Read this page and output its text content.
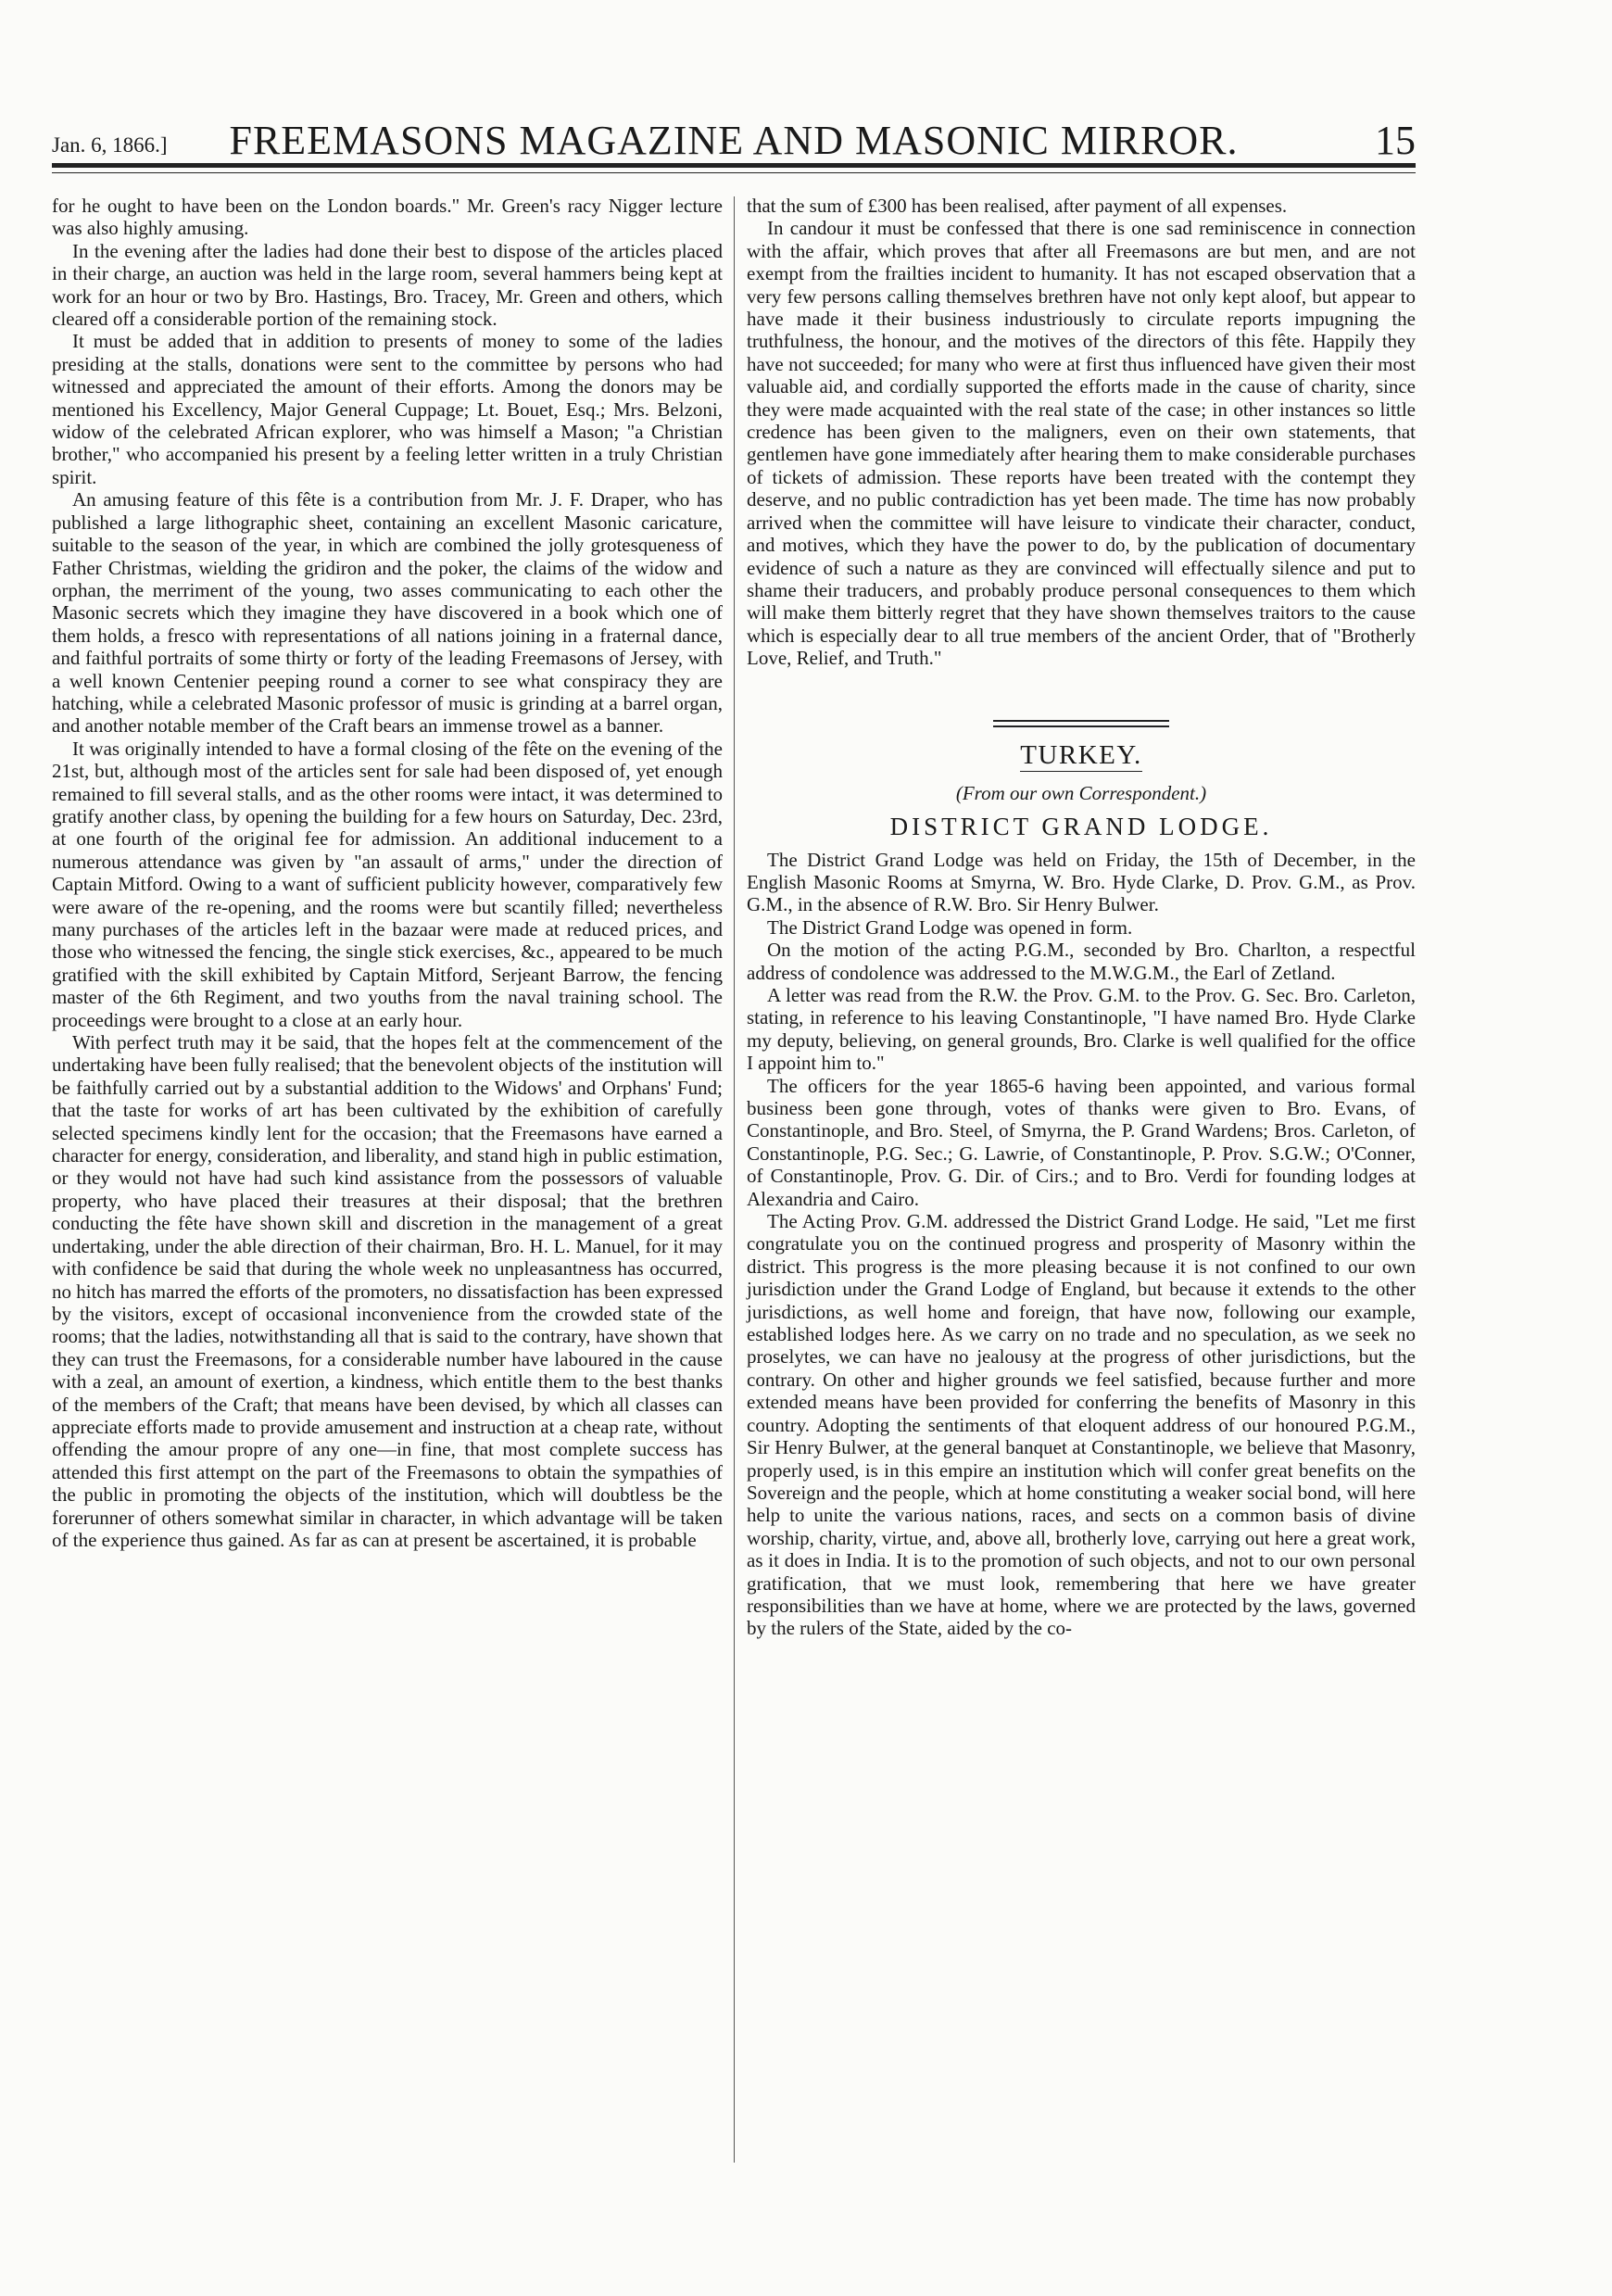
Jan. 6, 1866.]	FREEMASONS MAGAZINE AND MASONIC MIRROR.	15

for he ought to have been on the London boards." Mr. Green's racy Nigger lecture was also highly amusing.

In the evening after the ladies had done their best to dispose of the articles placed in their charge, an auction was held in the large room, several hammers being kept at work for an hour or two by Bro. Hastings, Bro. Tracey, Mr. Green and others, which cleared off a considerable portion of the remaining stock.

It must be added that in addition to presents of money to some of the ladies presiding at the stalls, donations were sent to the committee by persons who had witnessed and appreciated the amount of their efforts. Among the donors may be mentioned his Excellency, Major General Cuppage; Lt. Bouet, Esq.; Mrs. Belzoni, widow of the celebrated African explorer, who was himself a Mason; "a Christian brother," who accompanied his present by a feeling letter written in a truly Christian spirit.

An amusing feature of this fête is a contribution from Mr. J. F. Draper, who has published a large lithographic sheet, containing an excellent Masonic caricature, suitable to the season of the year, in which are combined the jolly grotesqueness of Father Christmas, wielding the gridiron and the poker, the claims of the widow and orphan, the merriment of the young, two asses communicating to each other the Masonic secrets which they imagine they have discovered in a book which one of them holds, a fresco with representations of all nations joining in a fraternal dance, and faithful portraits of some thirty or forty of the leading Freemasons of Jersey, with a well known Centenier peeping round a corner to see what conspiracy they are hatching, while a celebrated Masonic professor of music is grinding at a barrel organ, and another notable member of the Craft bears an immense trowel as a banner.

It was originally intended to have a formal closing of the fête on the evening of the 21st, but, although most of the articles sent for sale had been disposed of, yet enough remained to fill several stalls, and as the other rooms were intact, it was determined to gratify another class, by opening the building for a few hours on Saturday, Dec. 23rd, at one fourth of the original fee for admission. An additional inducement to a numerous attendance was given by "an assault of arms," under the direction of Captain Mitford. Owing to a want of sufficient publicity however, comparatively few were aware of the re-opening, and the rooms were but scantily filled; nevertheless many purchases of the articles left in the bazaar were made at reduced prices, and those who witnessed the fencing, the single stick exercises, &c., appeared to be much gratified with the skill exhibited by Captain Mitford, Serjeant Barrow, the fencing master of the 6th Regiment, and two youths from the naval training school. The proceedings were brought to a close at an early hour.

With perfect truth may it be said, that the hopes felt at the commencement of the undertaking have been fully realised; that the benevolent objects of the institution will be faithfully carried out by a substantial addition to the Widows' and Orphans' Fund; that the taste for works of art has been cultivated by the exhibition of carefully selected specimens kindly lent for the occasion; that the Freemasons have earned a character for energy, consideration, and liberality, and stand high in public estimation, or they would not have had such kind assistance from the possessors of valuable property, who have placed their treasures at their disposal; that the brethren conducting the fête have shown skill and discretion in the management of a great undertaking, under the able direction of their chairman, Bro. H. L. Manuel, for it may with confidence be said that during the whole week no unpleasantness has occurred, no hitch has marred the efforts of the promoters, no dissatisfaction has been expressed by the visitors, except of occasional inconvenience from the crowded state of the rooms; that the ladies, notwithstanding all that is said to the contrary, have shown that they can trust the Freemasons, for a considerable number have laboured in the cause with a zeal, an amount of exertion, a kindness, which entitle them to the best thanks of the members of the Craft; that means have been devised, by which all classes can appreciate efforts made to provide amusement and instruction at a cheap rate, without offending the amour propre of any one—in fine, that most complete success has attended this first attempt on the part of the Freemasons to obtain the sympathies of the public in promoting the objects of the institution, which will doubtless be the forerunner of others somewhat similar in character, in which advantage will be taken of the experience thus gained. As far as can at present be ascertained, it is probable

that the sum of £300 has been realised, after payment of all expenses.

In candour it must be confessed that there is one sad reminiscence in connection with the affair, which proves that after all Freemasons are but men, and are not exempt from the frailties incident to humanity. It has not escaped observation that a very few persons calling themselves brethren have not only kept aloof, but appear to have made it their business industriously to circulate reports impugning the truthfulness, the honour, and the motives of the directors of this fête. Happily they have not succeeded; for many who were at first thus influenced have given their most valuable aid, and cordially supported the efforts made in the cause of charity, since they were made acquainted with the real state of the case; in other instances so little credence has been given to the maligners, even on their own statements, that gentlemen have gone immediately after hearing them to make considerable purchases of tickets of admission. These reports have been treated with the contempt they deserve, and no public contradiction has yet been made. The time has now probably arrived when the committee will have leisure to vindicate their character, conduct, and motives, which they have the power to do, by the publication of documentary evidence of such a nature as they are convinced will effectually silence and put to shame their traducers, and probably produce personal consequences to them which will make them bitterly regret that they have shown themselves traitors to the cause which is especially dear to all true members of the ancient Order, that of "Brotherly Love, Relief, and Truth."

TURKEY.
(From our own Correspondent.)
DISTRICT GRAND LODGE.

The District Grand Lodge was held on Friday, the 15th of December, in the English Masonic Rooms at Smyrna, W. Bro. Hyde Clarke, D. Prov. G.M., as Prov. G.M., in the absence of R.W. Bro. Sir Henry Bulwer.

The District Grand Lodge was opened in form.

On the motion of the acting P.G.M., seconded by Bro. Charlton, a respectful address of condolence was addressed to the M.W.G.M., the Earl of Zetland.

A letter was read from the R.W. the Prov. G.M. to the Prov. G. Sec. Bro. Carleton, stating, in reference to his leaving Constantinople, "I have named Bro. Hyde Clarke my deputy, believing, on general grounds, Bro. Clarke is well qualified for the office I appoint him to."

The officers for the year 1865-6 having been appointed, and various formal business been gone through, votes of thanks were given to Bro. Evans, of Constantinople, and Bro. Steel, of Smyrna, the P. Grand Wardens; Bros. Carleton, of Constantinople, P.G. Sec.; G. Lawrie, of Constantinople, P. Prov. S.G.W.; O'Conner, of Constantinople, Prov. G. Dir. of Cirs.; and to Bro. Verdi for founding lodges at Alexandria and Cairo.

The Acting Prov. G.M. addressed the District Grand Lodge. He said, "Let me first congratulate you on the continued progress and prosperity of Masonry within the district. This progress is the more pleasing because it is not confined to our own jurisdiction under the Grand Lodge of England, but because it extends to the other jurisdictions, as well home and foreign, that have now, following our example, established lodges here. As we carry on no trade and no speculation, as we seek no proselytes, we can have no jealousy at the progress of other jurisdictions, but the contrary. On other and higher grounds we feel satisfied, because further and more extended means have been provided for conferring the benefits of Masonry in this country. Adopting the sentiments of that eloquent address of our honoured P.G.M., Sir Henry Bulwer, at the general banquet at Constantinople, we believe that Masonry, properly used, is in this empire an institution which will confer great benefits on the Sovereign and the people, which at home constituting a weaker social bond, will here help to unite the various nations, races, and sects on a common basis of divine worship, charity, virtue, and, above all, brotherly love, carrying out here a great work, as it does in India. It is to the promotion of such objects, and not to our own personal gratification, that we must look, remembering that here we have greater responsibilities than we have at home, where we are protected by the laws, governed by the rulers of the State, aided by the co-
